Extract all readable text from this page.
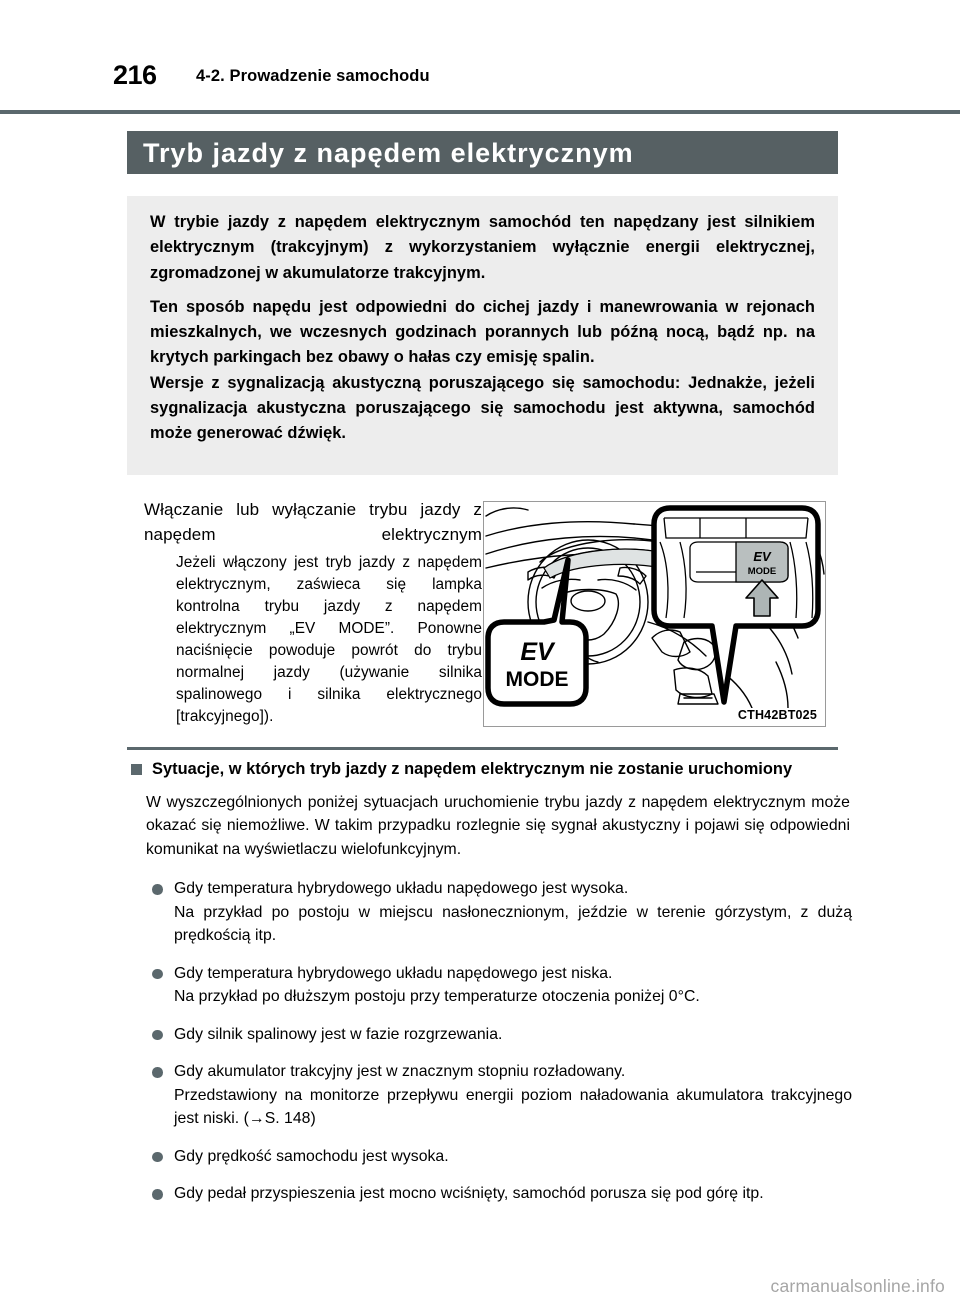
216 4-2. Prowadzenie samochodu
Tryb jazdy z napędem elektrycznym

W trybie jazdy z napędem elektrycznym samochód ten napędzany jest silnikiem elektrycznym (trakcyjnym) z wykorzystaniem wyłącznie energii elektrycznej, zgromadzonej w akumulatorze trakcyjnym.

Ten sposób napędu jest odpowiedni do cichej jazdy i manewrowania w rejonach mieszkalnych, we wczesnych godzinach porannych lub późną nocą, bądź np. na krytych parkingach bez obawy o hałas czy emisję spalin.

Wersje z sygnalizacją akustyczną poruszającego się samochodu: Jednakże, jeżeli sygnalizacja akustyczna poruszającego się samochodu jest aktywna, samochód może generować dźwięk.

Włączanie lub wyłączanie trybu jazdy z napędem elektrycznym

Jeżeli włączony jest tryb jazdy z napędem elektrycznym, zaświeca się lampka kontrolna trybu jazdy z napędem elektrycznym „EV MODE”. Ponowne naciśnięcie powoduje powrót do trybu normalnej jazdy (używanie silnika spalinowego i silnika elektrycznego [trakcyjnego]).

EV
MODE
EV
MODE
CTH42BT025
Sytuacje, w których tryb jazdy z napędem elektrycznym nie zostanie uruchomiony

W wyszczególnionych poniżej sytuacjach uruchomienie trybu jazdy z napędem elektrycznym może okazać się niemożliwe. W takim przypadku rozlegnie się sygnał akustyczny i pojawi się odpowiedni komunikat na wyświetlaczu wielofunkcyjnym.

Gdy temperatura hybrydowego układu napędowego jest wysoka.
Na przykład po postoju w miejscu nasłonecznionym, jeździe w terenie górzystym, z dużą prędkością itp.
Gdy temperatura hybrydowego układu napędowego jest niska.
Na przykład po dłuższym postoju przy temperaturze otoczenia poniżej 0°C.
Gdy silnik spalinowy jest w fazie rozgrzewania.
Gdy akumulator trakcyjny jest w znacznym stopniu rozładowany.
Przedstawiony na monitorze przepływu energii poziom naładowania akumulatora trakcyjnego jest niski. (→S. 148)
Gdy prędkość samochodu jest wysoka.
Gdy pedał przyspieszenia jest mocno wciśnięty, samochód porusza się pod górę itp.
carmanualsonline.info
